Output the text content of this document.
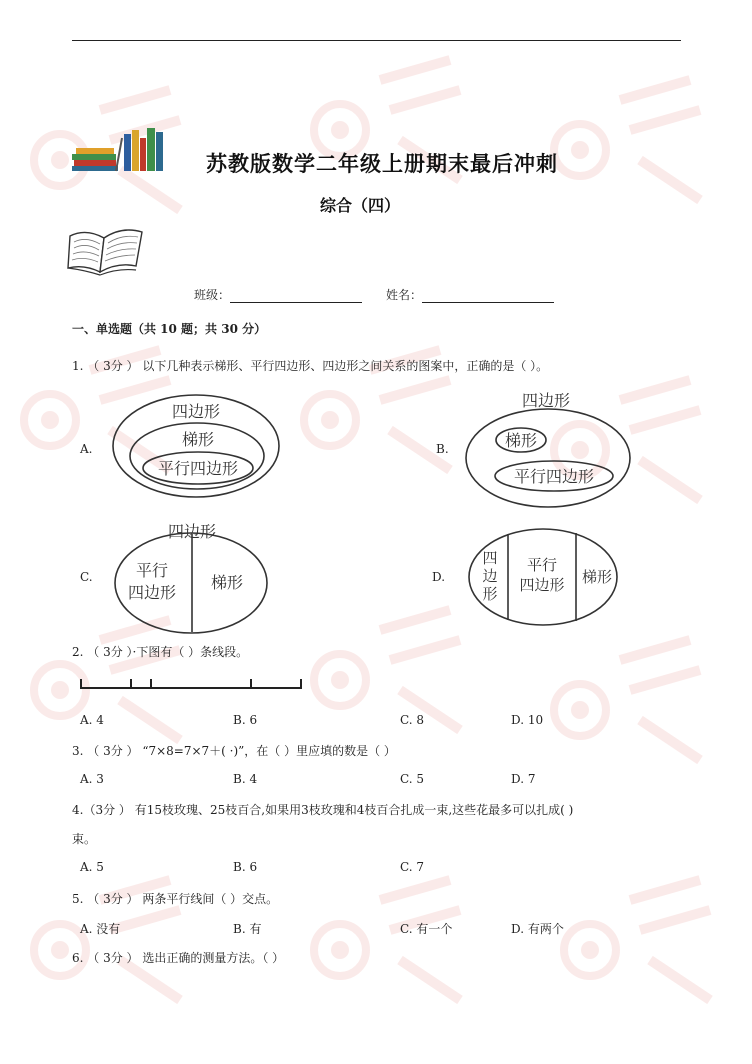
苏教版数学二年级上册期末最后冲刺
综合（四）
班级：	姓名：
一、单选题（共 10 题；共 30 分）
1. （ 3分 ） 以下几种表示梯形、平行四边形、四边形之间关系的图案中，正确的是（ ）。
A.
四边形
梯形
平行四边形
B.
四边形
梯形
平行四边形
C.
四边形
平行
四边形
梯形	D.
四
边
形
平行
四边形 梯形
2. （ 3分 ）·下图有（ ）条线段。
A. 4	B. 6	C. 8	D. 10
3. （ 3分 ） “7×8=7×7＋( ·)”，在（ ）里应填的数是（ ）
A. 3	B. 4	C. 5	D. 7
4.（3分 ） 有15枝玫瑰、25枝百合,如果用3枝玫瑰和4枝百合扎成一束,这些花最多可以扎成( )
束。
A. 5	B. 6	C. 7
5. （ 3分 ） 两条平行线间（ ）交点。
A. 没有	B. 有	C. 有一个	D. 有两个
6. （ 3分 ） 选出正确的测量方法。（ ）
